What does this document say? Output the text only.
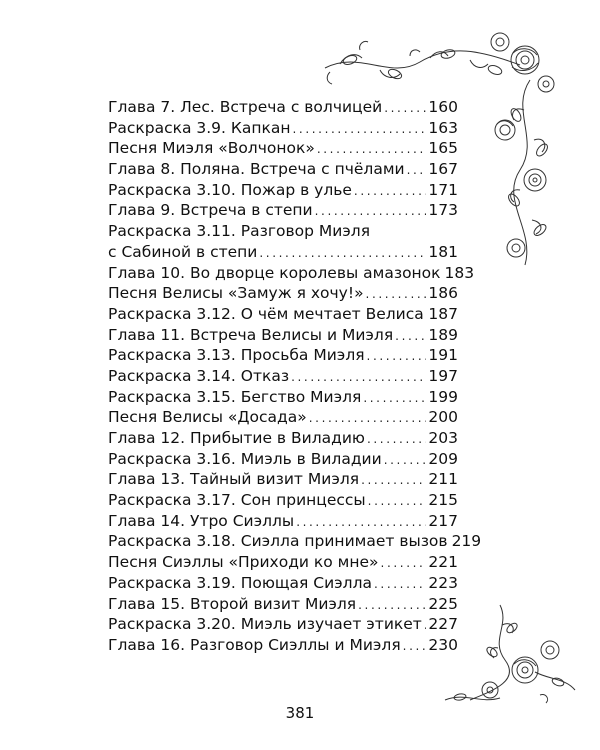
Глава 7. Лес. Встреча с волчицей .....	160
Раскраска 3.9. Капкан .....	163
Песня Миэля «Волчонок» .....	165
Глава 8. Поляна. Встреча с пчёлами ..... 167
Раскраска 3.10. Пожар в улье .....	171
Глава 9. Встреча в степи .....	173
Раскраска 3.11. Разговор Миэля
с Сабиной в степи .....	181
Глава 10. Во дворце королевы амазонок 183
Песня Велисы «Замуж я хочу!» .....	186
Раскраска 3.12. О чём мечтает Велиса ..... 187
Глава 11. Встреча Велисы и Миэля ..... 189
Раскраска 3.13. Просьба Миэля .....	191
Раскраска 3.14. Отказ .....	197
Раскраска 3.15. Бегство Миэля .....	199
Песня Велисы «Досада» .....	200
Глава 12. Прибытие в Виладию .....	203
Раскраска 3.16. Миэль в Виладии .....	209
Глава 13. Тайный визит Миэля .....	211
Раскраска 3.17. Сон принцессы .....	215
Глава 14. Утро Сиэллы .....	217
Раскраска 3.18. Сиэлла принимает вызов 219
Песня Сиэллы «Приходи ко мне» .....	221
Раскраска 3.19. Поющая Сиэлла .....	223
Глава 15. Второй визит Миэля .....	225
Раскраска 3.20. Миэль изучает этикет ..... 227
Глава 16. Разговор Сиэллы и Миэля ..... 230
381
